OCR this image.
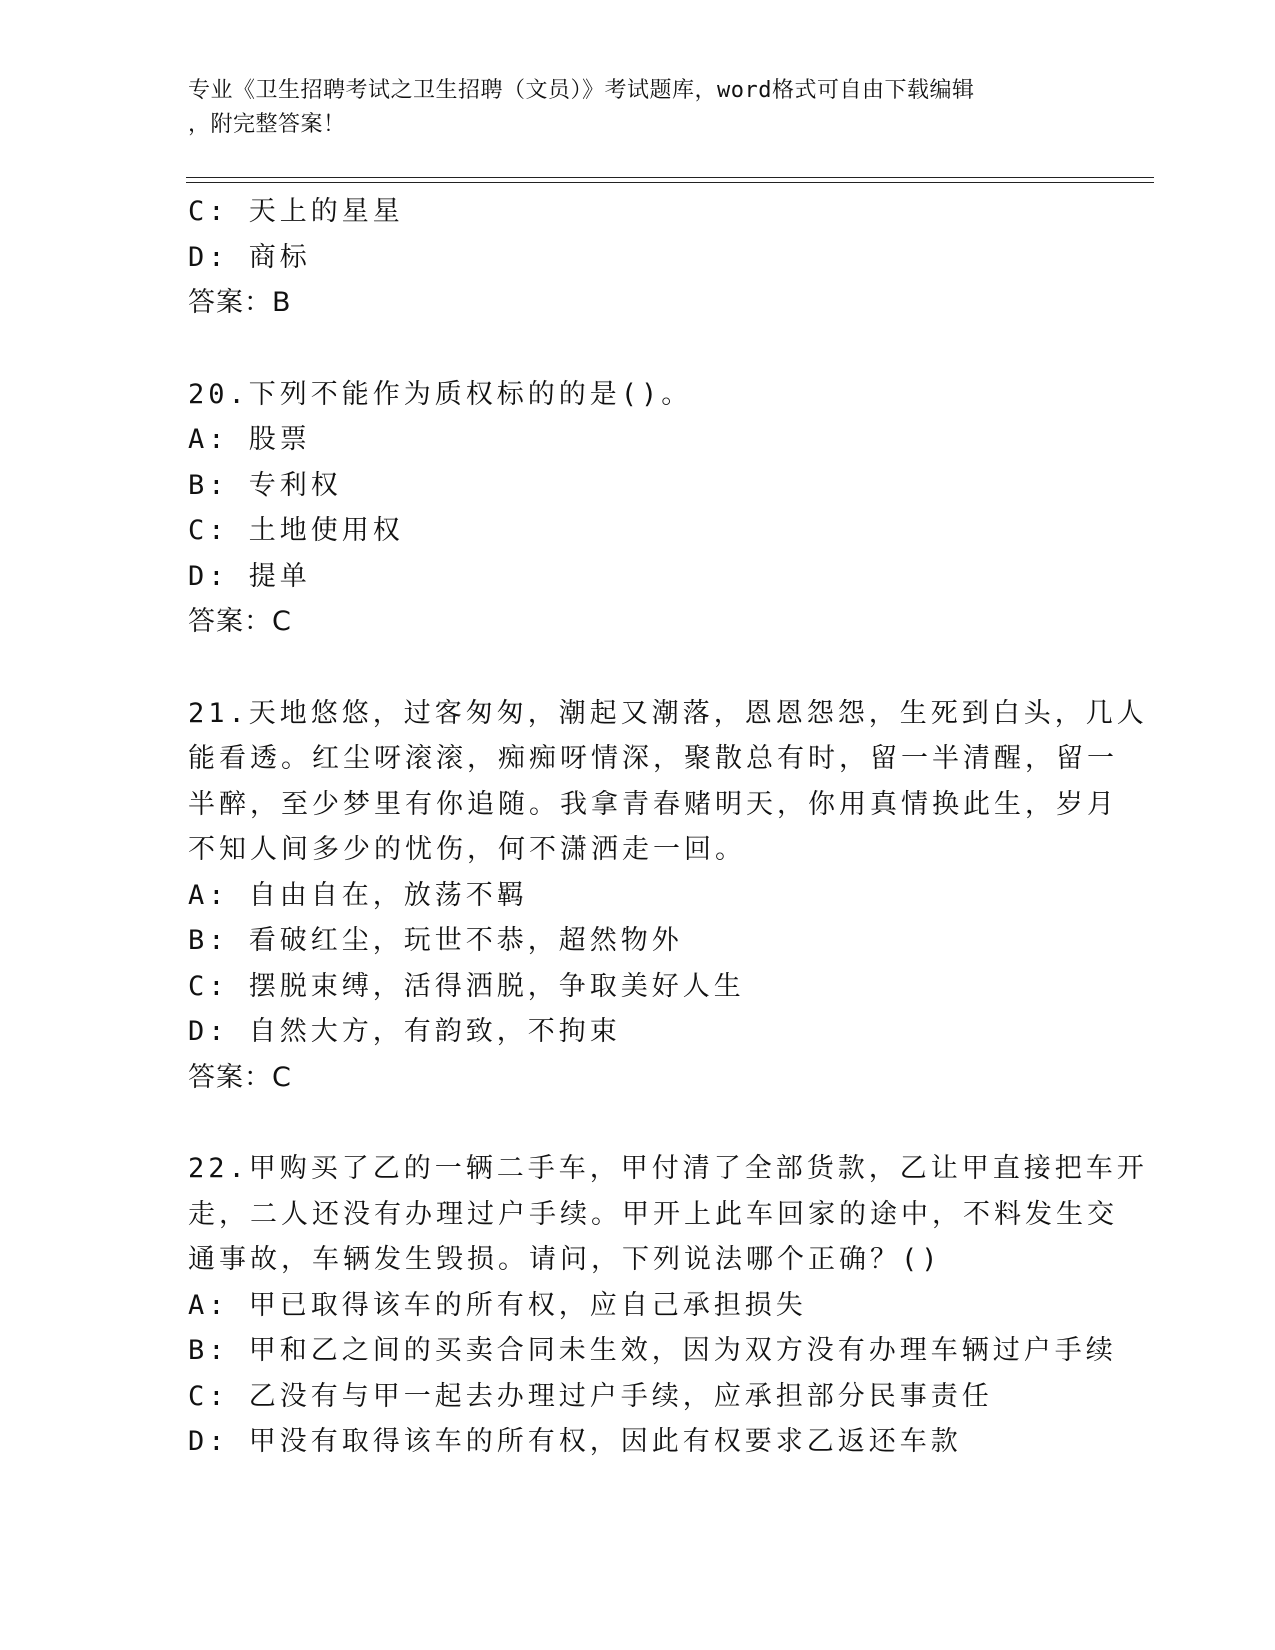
专业《卫生招聘考试之卫生招聘（文员）》考试题库，word格式可自由下载编辑
，附完整答案！
C: 天上的星星
D: 商标
答案：B
20.下列不能作为质权标的的是()。
A: 股票
B: 专利权
C: 土地使用权
D: 提单
答案：C
21.天地悠悠，过客匆匆，潮起又潮落，恩恩怨怨，生死到白头，几人
能看透。红尘呀滚滚，痴痴呀情深，聚散总有时，留一半清醒，留一
半醉，至少梦里有你追随。我拿青春赌明天，你用真情换此生，岁月
不知人间多少的忧伤，何不潇洒走一回。
A: 自由自在，放荡不羁
B: 看破红尘，玩世不恭，超然物外
C: 摆脱束缚，活得洒脱，争取美好人生
D: 自然大方，有韵致，不拘束
答案：C
22.甲购买了乙的一辆二手车，甲付清了全部货款，乙让甲直接把车开
走，二人还没有办理过户手续。甲开上此车回家的途中，不料发生交
通事故，车辆发生毁损。请问，下列说法哪个正确？()
A: 甲已取得该车的所有权，应自己承担损失
B: 甲和乙之间的买卖合同未生效，因为双方没有办理车辆过户手续
C: 乙没有与甲一起去办理过户手续，应承担部分民事责任
D: 甲没有取得该车的所有权，因此有权要求乙返还车款
